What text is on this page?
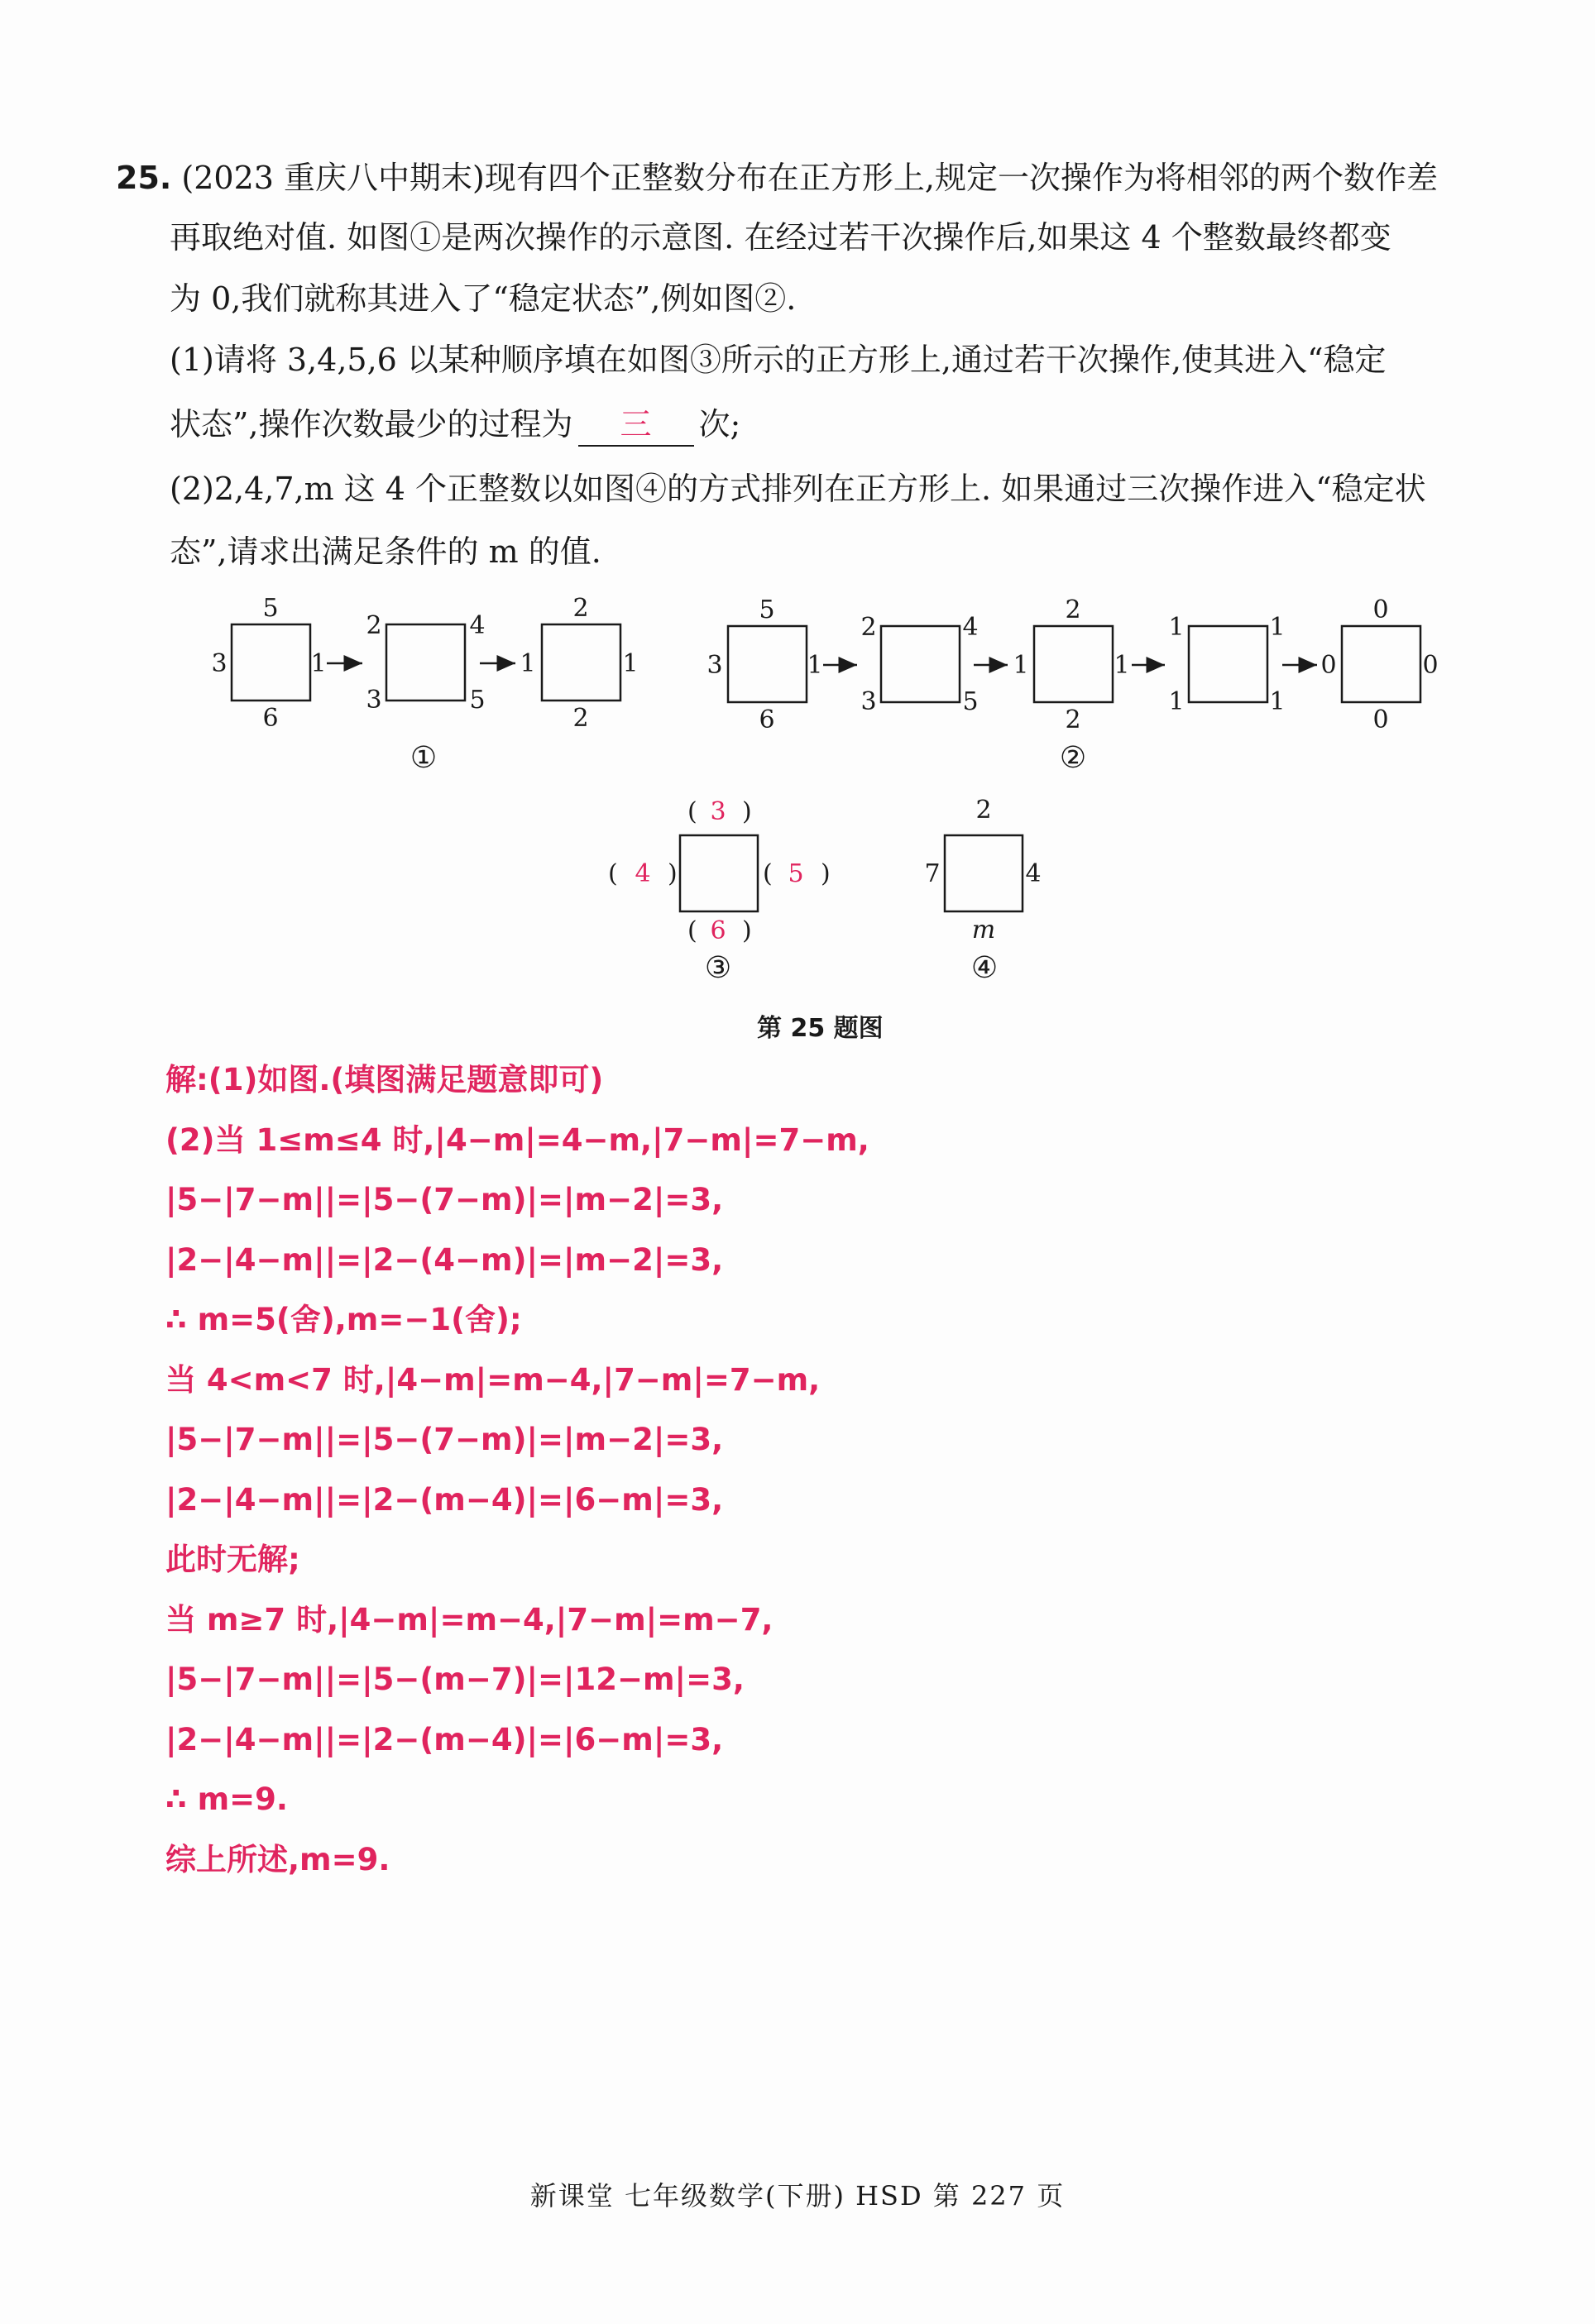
25. (2023 重庆八中期末)现有四个正整数分布在正方形上,规定一次操作为将相邻的两个数作差
再取绝对值. 如图①是两次操作的示意图. 在经过若干次操作后,如果这 4 个整数最终都变
为 0,我们就称其进入了“稳定状态”,例如图②.
(1)请将 3,4,5,6 以某种顺序填在如图③所示的正方形上,通过若干次操作,使其进入“稳定
状态”,操作次数最少的过程为 三 次;
(2)2,4,7,m 这 4 个正整数以如图④的方式排列在正方形上. 如果通过三次操作进入“稳定状
态”,请求出满足条件的 m 的值.
5
3	1
6
2	4
3	5
2
1	1
2
①
5
3	1
6
2	4
3	5
2
1	1
2
1	1
1	1
0
0	0
0
②
( 3 )
( 4 )	( 5 )
( 6 )
③
2
7	4
m
④
第 25 题图
解:(1)如图.(填图满足题意即可)
(2)当 1≤m≤4 时,|4−m|=4−m,|7−m|=7−m,
|5−|7−m||=|5−(7−m)|=|m−2|=3,
|2−|4−m||=|2−(4−m)|=|m−2|=3,
∴ m=5(舍),m=−1(舍);
当 4<m<7 时,|4−m|=m−4,|7−m|=7−m,
|5−|7−m||=|5−(7−m)|=|m−2|=3,
|2−|4−m||=|2−(m−4)|=|6−m|=3,
此时无解;
当 m≥7 时,|4−m|=m−4,|7−m|=m−7,
|5−|7−m||=|5−(m−7)|=|12−m|=3,
|2−|4−m||=|2−(m−4)|=|6−m|=3,
∴ m=9.
综上所述,m=9.
新课堂 七年级数学(下册) HSD 第 227 页
